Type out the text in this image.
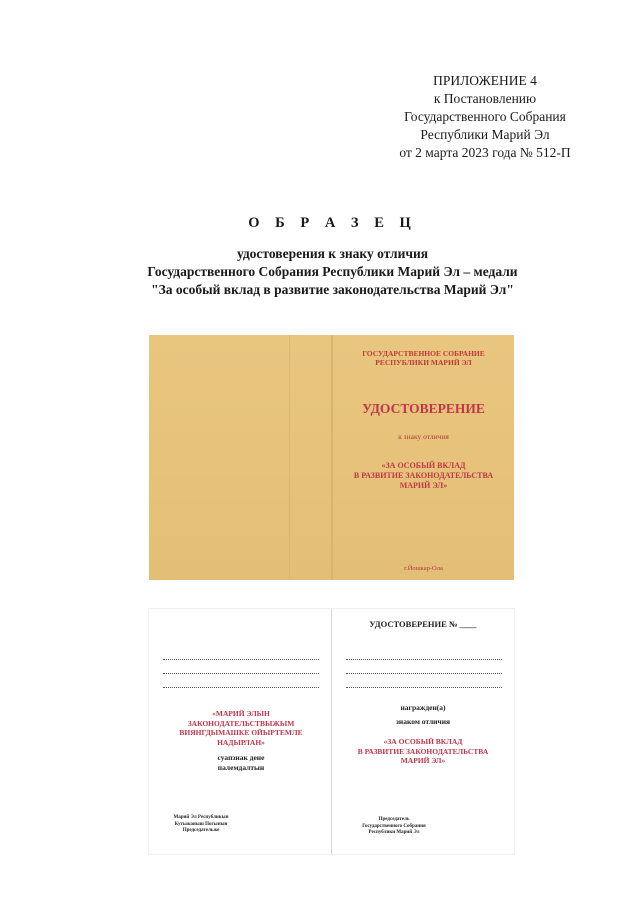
ПРИЛОЖЕНИЕ 4
к Постановлению
Государственного Собрания
Республики Марий Эл
от 2 марта 2023 года № 512-П
О Б Р А З Е Ц
удостоверения к знаку отличия
Государственного Собрания Республики Марий Эл – медали
"За особый вклад в развитие законодательства Марий Эл"
ГОСУДАРСТВЕННОЕ СОБРАНИЕ
РЕСПУБЛИКИ МАРИЙ ЭЛ
УДОСТОВЕРЕНИЕ
к знаку отличия
«ЗА ОСОБЫЙ ВКЛАД
В РАЗВИТИЕ ЗАКОНОДАТЕЛЬСТВА
МАРИЙ ЭЛ»
г.Йошкар-Ола
«МАРИЙ ЭЛЫН
ЗАКОНОДАТЕЛЬСТВЫЖЫМ
ВИЯНГДЫМАШКЕ ОЙЫРТЕМЛЕ
НАДЫРЛАН»
суапзнак дене
палемдалтын
Марий Эл Республикын
Кугыжаныш Погынын
Председательже
УДОСТОВЕРЕНИЕ № ____
награжден(а)
знаком отличия
«ЗА ОСОБЫЙ ВКЛАД
В РАЗВИТИЕ ЗАКОНОДАТЕЛЬСТВА
МАРИЙ ЭЛ»
Председатель
Государственного Собрания
Республики Марий Эл
